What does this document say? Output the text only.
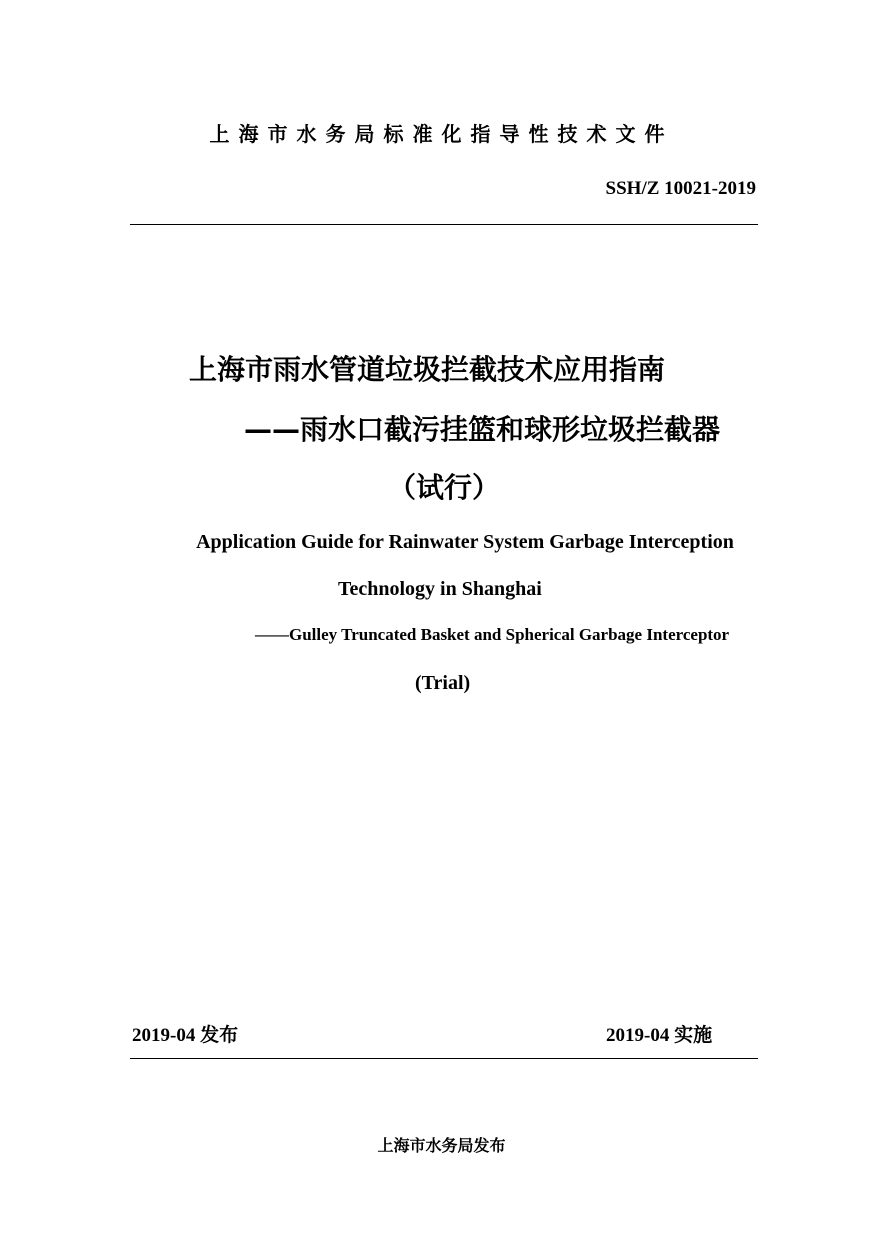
上海市水务局标准化指导性技术文件
SSH/Z 10021-2019
上海市雨水管道垃圾拦截技术应用指南
——雨水口截污挂篮和球形垃圾拦截器
（试行）
Application Guide for Rainwater System Garbage Interception
Technology in Shanghai
——Gulley Truncated Basket and Spherical Garbage Interceptor
(Trial)
2019-04 发布	2019-04 实施
上海市水务局发布
